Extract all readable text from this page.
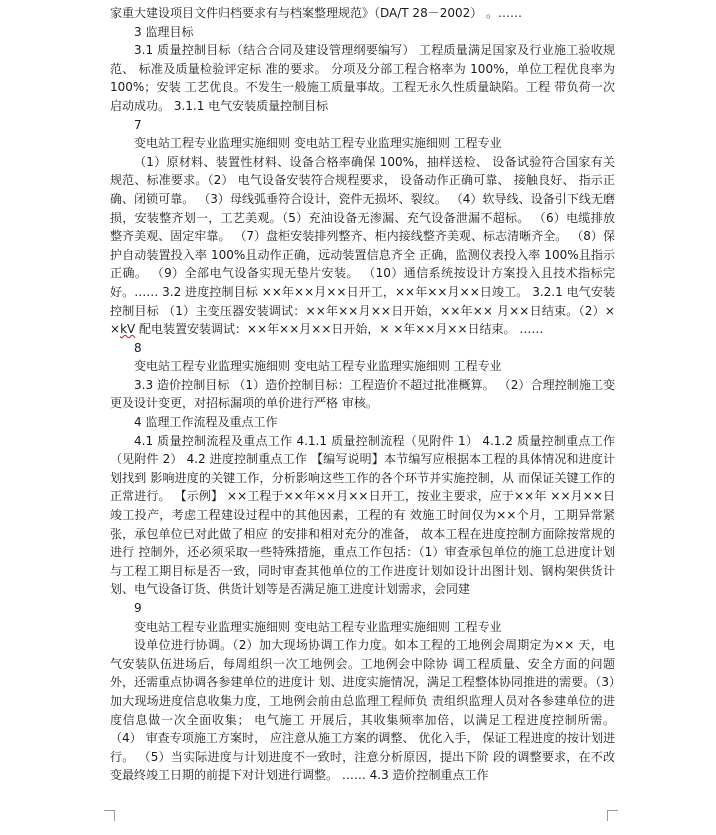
家重大建设项目文件归档要求有与档案整理规范》（DA/T 28－2002） 。……

3 监理目标

3.1 质量控制目标（结合合同及建设管理纲要编写） 工程质量满足国家及行业施工验收规范、 标准及质量检验评定标 准的要求。 分项及分部工程合格率为 100%，单位工程优良率为 100%；安装 工艺优良。不发生一般施工质量事故。工程无永久性质量缺陷。工程 带负荷一次启动成功。 3.1.1 电气安装质量控制目标

7

变电站工程专业监理实施细则 变电站工程专业监理实施细则 工程专业

（1）原材料、装置性材料、设备合格率确保 100%，抽样送检、 设备试验符合国家有关规范、标准要求。（2） 电气设备安装符合规程要求， 设备动作正确可靠、 接触良好、 指示正确、闭锁可靠。 （3）母线弧垂符合设计，瓷件无损坏、裂纹。 （4）软导线、设备引下线无磨损，安装整齐划一，工艺美观。（5）充油设备无渗漏、充气设备泄漏不超标。 （6）电缆排放整齐美观、固定牢靠。 （7）盘柜安装排列整齐、柜内接线整齐美观、标志清晰齐全。 （8）保护自动装置投入率 100%且动作正确，远动装置信息齐全 正确，监测仪表投入率 100%且指示正确。 （9）全部电气设备实现无垫片安装。 （10）通信系统按设计方案投入且技术指标完好。…… 3.2 进度控制目标 ××年××月××日开工，××年××月××日竣工。 3.2.1 电气安装控制目标 （1）主变压器安装调试：××年××月××日开始，××年×× 月××日结束。（2）××kV 配电装置安装调试：××年××月××日开始，× ×年××月××日结束。 ……

8

变电站工程专业监理实施细则 变电站工程专业监理实施细则 工程专业

3.3 造价控制目标 （1）造价控制目标：工程造价不超过批准概算。 （2）合理控制施工变更及设计变更，对招标漏项的单价进行严格 审核。

4 监理工作流程及重点工作

4.1 质量控制流程及重点工作 4.1.1 质量控制流程（见附件 1） 4.1.2 质量控制重点工作（见附件 2） 4.2 进度控制重点工作 【编写说明】本节编写应根据本工程的具体情况和进度计划找到 影响进度的关键工作，分析影响这些工作的各个环节并实施控制，从 而保证关键工作的正常进行。 【示例】 ××工程于××年××月××日开工，按业主要求，应于××年 ××月××日竣工投产，考虑工程建设过程中的其他因素，工程的有 效施工时间仅为××个月，工期异常紧张，承包单位已对此做了相应 的安排和相对充分的准备， 故本工程在进度控制方面除按常规的进行 控制外，还必须采取一些特殊措施，重点工作包括：（1）审查承包单位的施工总进度计划与工程工期目标是否一致，同时审查其他单位的工作进度计划如设计出图计划、钢构架供货计 划、电气设备订货、供货计划等是否满足施工进度计划需求，会同建

9

变电站工程专业监理实施细则 变电站工程专业监理实施细则 工程专业

设单位进行协调。（2）加大现场协调工作力度。如本工程的工地例会周期定为×× 天，电气安装队伍进场后，每周组织一次工地例会。工地例会中除协 调工程质量、安全方面的问题外，还需重点协调各参建单位的进度计 划、进度实施情况，满足工程整体协同推进的需要。（3）加大现场进度信息收集力度，工地例会前由总监理工程师负 责组织监理人员对各参建单位的进度信息做一次全面收集； 电气施工 开展后，其收集频率加倍，以满足工程进度控制所需。 （4） 审查专项施工方案时， 应注意从施工方案的调整、 优化入手， 保证工程进度的按计划进行。 （5）当实际进度与计划进度不一致时，注意分析原因，提出下阶 段的调整要求，在不改变最终竣工日期的前提下对计划进行调整。 …… 4.3 造价控制重点工作
